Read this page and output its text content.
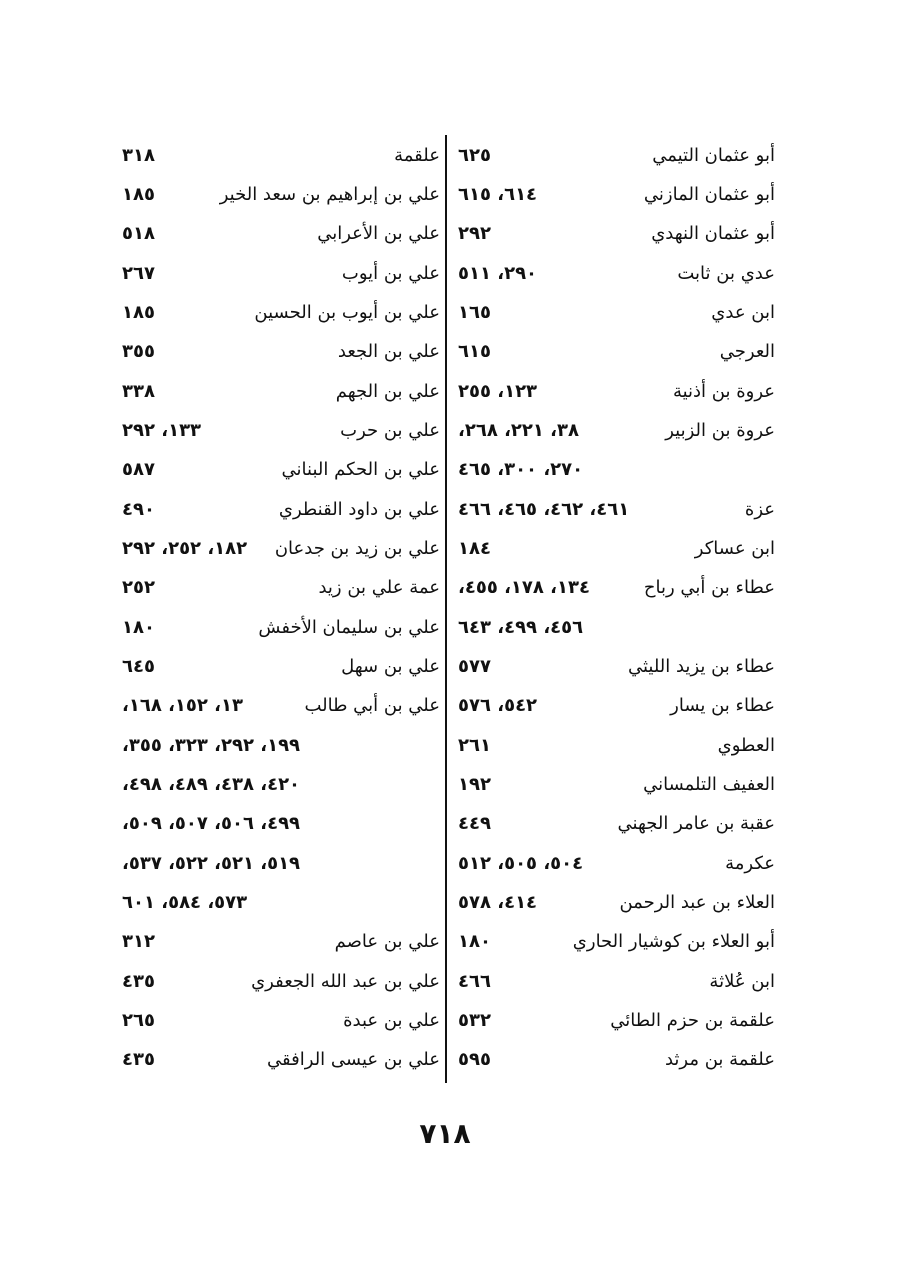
أبو عثمان التيمي
٦٢٥
أبو عثمان المازني
٦١٤، ٦١٥
أبو عثمان النهدي
٢٩٢
عدي بن ثابت
٢٩٠، ٥١١
ابن عدي
١٦٥
العرجي
٦١٥
عروة بن أذنية
١٢٣، ٢٥٥
عروة بن الزبير
٣٨، ٢٢١، ٢٦٨،
٢٧٠، ٣٠٠، ٤٦٥
عزة
٤٦١، ٤٦٢، ٤٦٥، ٤٦٦
ابن عساكر
١٨٤
عطاء بن أبي رباح
١٣٤، ١٧٨، ٤٥٥،
٤٥٦، ٤٩٩، ٦٤٣
عطاء بن يزيد الليثي
٥٧٧
عطاء بن يسار
٥٤٢، ٥٧٦
العطوي
٢٦١
العفيف التلمساني
١٩٢
عقبة بن عامر الجهني
٤٤٩
عكرمة
٥٠٤، ٥٠٥، ٥١٢
العلاء بن عبد الرحمن
٤١٤، ٥٧٨
أبو العلاء بن كوشيار الحاري
١٨٠
ابن عُلاثة
٤٦٦
علقمة بن حزم الطائي
٥٣٢
علقمة بن مرثد
٥٩٥
علقمة
٣١٨
علي بن إبراهيم بن سعد الخير
١٨٥
علي بن الأعرابي
٥١٨
علي بن أيوب
٢٦٧
علي بن أيوب بن الحسين
١٨٥
علي بن الجعد
٣٥٥
علي بن الجهم
٣٣٨
علي بن حرب
١٣٣، ٢٩٢
علي بن الحكم البناني
٥٨٧
علي بن داود القنطري
٤٩٠
علي بن زيد بن جدعان
١٨٢، ٢٥٢، ٢٩٢
عمة علي بن زيد
٢٥٢
علي بن سليمان الأخفش
١٨٠
علي بن سهل
٦٤٥
علي بن أبي طالب
١٣، ١٥٢، ١٦٨،
١٩٩، ٢٩٢، ٣٢٣، ٣٥٥،
٤٢٠، ٤٣٨، ٤٨٩، ٤٩٨،
٤٩٩، ٥٠٦، ٥٠٧، ٥٠٩،
٥١٩، ٥٢١، ٥٢٢، ٥٣٧،
٥٧٣، ٥٨٤، ٦٠١
علي بن عاصم
٣١٢
علي بن عبد الله الجعفري
٤٣٥
علي بن عبدة
٢٦٥
علي بن عيسى الرافقي
٤٣٥
٧١٨
